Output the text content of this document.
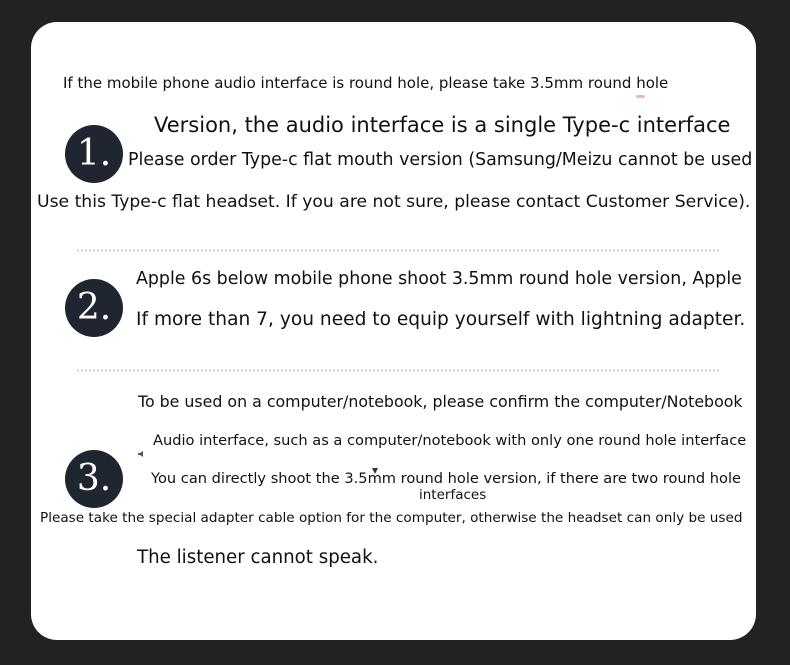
If the mobile phone audio interface is round hole, please take 3.5mm round hole
1.
Version, the audio interface is a single Type-c interface
Please order Type-c flat mouth version (Samsung/Meizu cannot be used
Use this Type-c flat headset. If you are not sure, please contact Customer Service).
2.
Apple 6s below mobile phone shoot 3.5mm round hole version, Apple
If more than 7, you need to equip yourself with lightning adapter.
To be used on a computer/notebook, please confirm the computer/Notebook
Audio interface, such as a computer/notebook with only one round hole interface
3.	You can directly shoot the 3.5mm round hole version, if there are two round hole
interfaces
Please take the special adapter cable option for the computer, otherwise the headset can only be used
The listener cannot speak.
